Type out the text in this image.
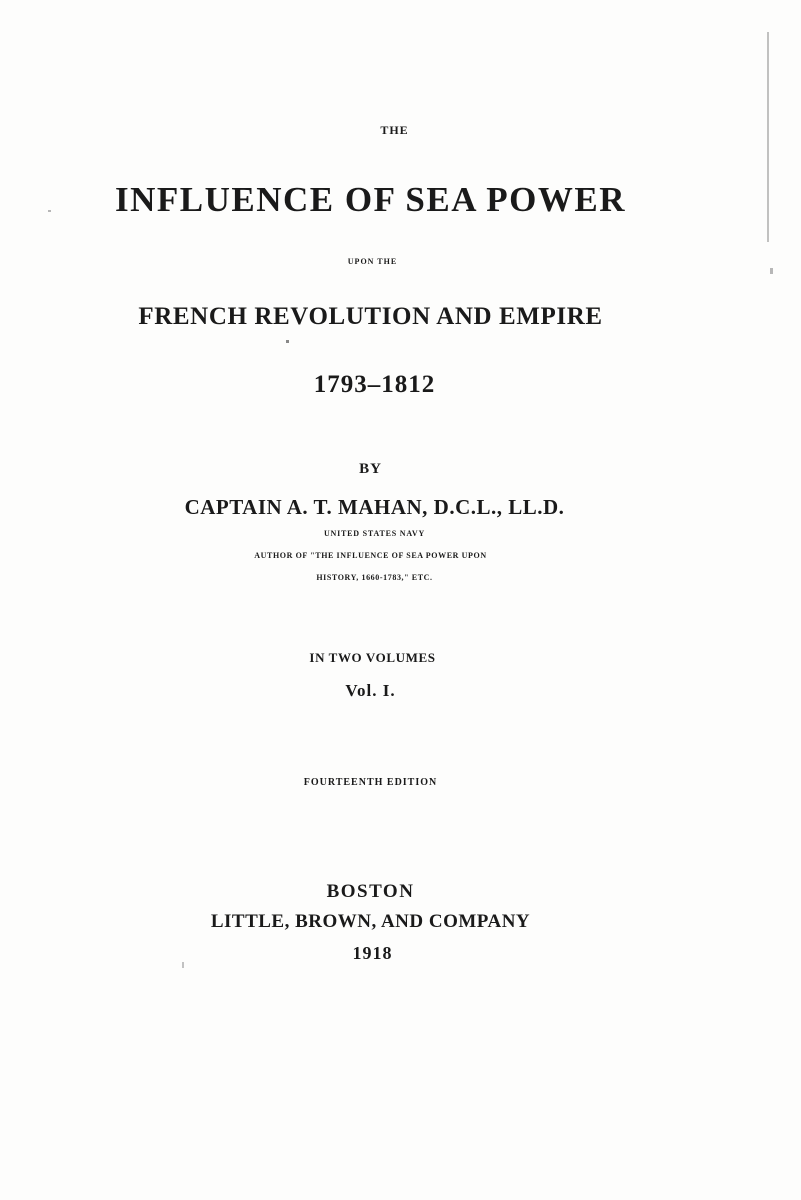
THE
INFLUENCE OF SEA POWER
UPON THE
FRENCH REVOLUTION AND EMPIRE
1793–1812
BY
CAPTAIN A. T. MAHAN, D.C.L., LL.D.
UNITED STATES NAVY
AUTHOR OF "THE INFLUENCE OF SEA POWER UPON
HISTORY, 1660-1783," ETC.
IN TWO VOLUMES
Vol. I.
FOURTEENTH EDITION
BOSTON
LITTLE, BROWN, AND COMPANY
1918
